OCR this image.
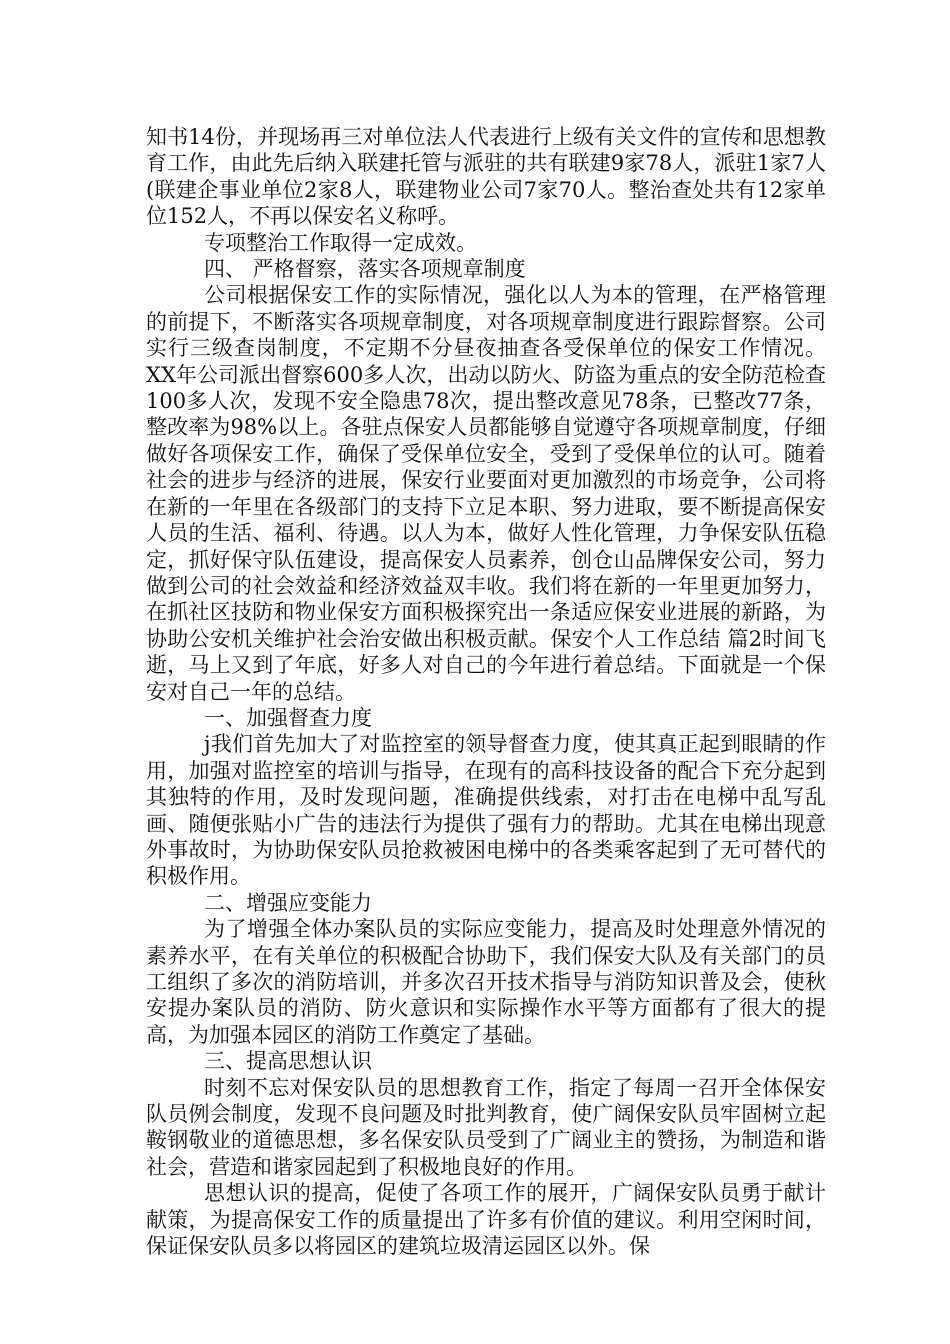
知书14份，并现场再三对单位法人代表进行上级有关文件的宣传和思想教育工作，由此先后纳入联建托管与派驻的共有联建9家78人，派驻1家7人(联建企事业单位2家8人，联建物业公司7家70人。整治查处共有12家单位152人，不再以保安名义称呼。

专项整治工作取得一定成效。

四、 严格督察，落实各项规章制度

公司根据保安工作的实际情况，强化以人为本的管理，在严格管理的前提下，不断落实各项规章制度，对各项规章制度进行跟踪督察。公司实行三级查岗制度，不定期不分昼夜抽查各受保单位的保安工作情况。XX年公司派出督察600多人次，出动以防火、防盗为重点的安全防范检查100多人次，发现不安全隐患78次，提出整改意见78条，已整改77条，整改率为98%以上。各驻点保安人员都能够自觉遵守各项规章制度，仔细做好各项保安工作，确保了受保单位安全，受到了受保单位的认可。随着社会的进步与经济的进展，保安行业要面对更加激烈的市场竞争，公司将在新的一年里在各级部门的支持下立足本职、努力进取，要不断提高保安人员的生活、福利、待遇。以人为本，做好人性化管理，力争保安队伍稳定，抓好保守队伍建设，提高保安人员素养，创仓山品牌保安公司，努力做到公司的社会效益和经济效益双丰收。我们将在新的一年里更加努力，在抓社区技防和物业保安方面积极探究出一条适应保安业进展的新路，为协助公安机关维护社会治安做出积极贡献。保安个人工作总结 篇2时间飞逝，马上又到了年底，好多人对自己的今年进行着总结。下面就是一个保安对自己一年的总结。

一、加强督查力度

j我们首先加大了对监控室的领导督查力度，使其真正起到眼睛的作用，加强对监控室的培训与指导，在现有的高科技设备的配合下充分起到其独特的作用，及时发现问题，准确提供线索，对打击在电梯中乱写乱画、随便张贴小广告的违法行为提供了强有力的帮助。尤其在电梯出现意外事故时，为协助保安队员抢救被困电梯中的各类乘客起到了无可替代的积极作用。

二、增强应变能力

为了增强全体办案队员的实际应变能力，提高及时处理意外情况的素养水平，在有关单位的积极配合协助下，我们保安大队及有关部门的员工组织了多次的消防培训，并多次召开技术指导与消防知识普及会，使秋安提办案队员的消防、防火意识和实际操作水平等方面都有了很大的提高，为加强本园区的消防工作奠定了基础。

三、提高思想认识

时刻不忘对保安队员的思想教育工作，指定了每周一召开全体保安队员例会制度，发现不良问题及时批判教育，使广阔保安队员牢固树立起鞍钢敬业的道德思想，多名保安队员受到了广阔业主的赞扬，为制造和谐社会，营造和谐家园起到了积极地良好的作用。

思想认识的提高，促使了各项工作的展开，广阔保安队员勇于献计献策，为提高保安工作的质量提出了许多有价值的建议。利用空闲时间，保证保安队员多以将园区的建筑垃圾清运园区以外。保
